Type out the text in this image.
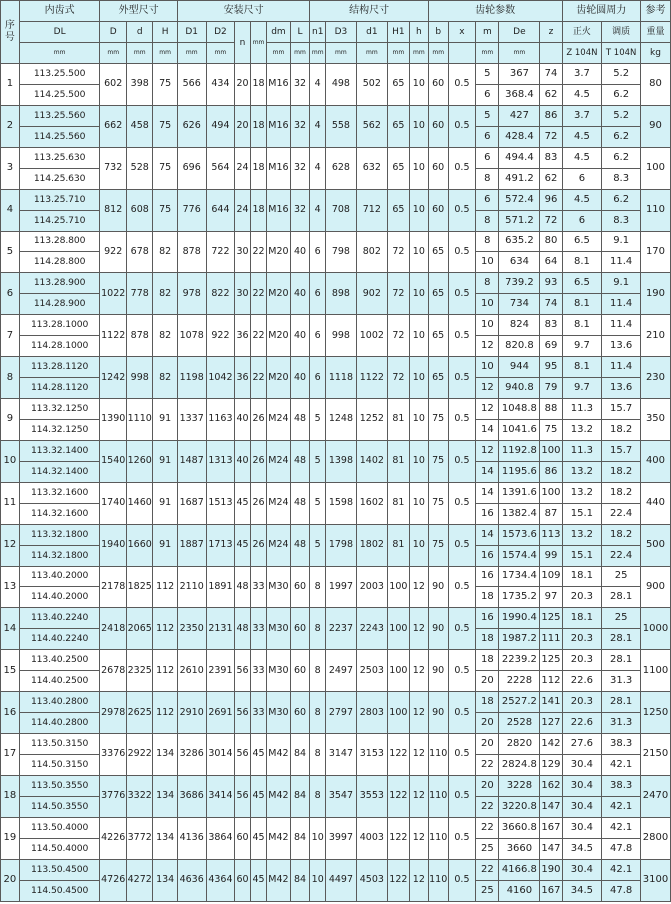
序号	内齿式	外型尺寸			安装尺寸						结构尺寸					齿轮参数					齿轮圆周力		参考
	DL	D	d	H	D1	D2	n	mm	dm	L	n1	D3	d1	H1	h	b	x	m	De	z	正火	调质	重量
	mm	mm	mm	mm	mm	mm			mm	mm	mm	mm	mm	mm	mm	mm		mm	mm		Z 104N	T 104N	kg
1	113.25.500	602	398	75	566	434	20	18	M16	32	4	498	502	65	10	60	0.5	5	367	74	3.7	5.2	80
	114.25.500																	6	368.4	62	4.5	6.2	
2	113.25.560	662	458	75	626	494	20	18	M16	32	4	558	562	65	10	60	0.5	5	427	86	3.7	5.2	90
	114.25.560																	6	428.4	72	4.5	6.2	
3	113.25.630	732	528	75	696	564	24	18	M16	32	4	628	632	65	10	60	0.5	6	494.4	83	4.5	6.2	100
	114.25.630																	8	491.2	62	6	8.3	
4	113.25.710	812	608	75	776	644	24	18	M16	32	4	708	712	65	10	60	0.5	6	572.4	96	4.5	6.2	110
	114.25.710																	8	571.2	72	6	8.3	
5	113.28.800	922	678	82	878	722	30	22	M20	40	6	798	802	72	10	65	0.5	8	635.2	80	6.5	9.1	170
	114.28.800																	10	634	64	8.1	11.4	
6	113.28.900	1022	778	82	978	822	30	22	M20	40	6	898	902	72	10	65	0.5	8	739.2	93	6.5	9.1	190
	114.28.900																	10	734	74	8.1	11.4	
7	113.28.1000	1122	878	82	1078	922	36	22	M20	40	6	998	1002	72	10	65	0.5	10	824	83	8.1	11.4	210
	114.28.1000																	12	820.8	69	9.7	13.6	
8	113.28.1120	1242	998	82	1198	1042	36	22	M20	40	6	1118	1122	72	10	65	0.5	10	944	95	8.1	11.4	230
	114.28.1120																	12	940.8	79	9.7	13.6	
9	113.32.1250	1390	1110	91	1337	1163	40	26	M24	48	5	1248	1252	81	10	75	0.5	12	1048.8	88	11.3	15.7	350
	114.32.1250																	14	1041.6	75	13.2	18.2	
10	113.32.1400	1540	1260	91	1487	1313	40	26	M24	48	5	1398	1402	81	10	75	0.5	12	1192.8	100	11.3	15.7	400
	114.32.1400																	14	1195.6	86	13.2	18.2	
11	113.32.1600	1740	1460	91	1687	1513	45	26	M24	48	5	1598	1602	81	10	75	0.5	14	1391.6	100	13.2	18.2	440
	114.32.1600																	16	1382.4	87	15.1	22.4	
12	113.32.1800	1940	1660	91	1887	1713	45	26	M24	48	5	1798	1802	81	10	75	0.5	14	1573.6	113	13.2	18.2	500
	114.32.1800																	16	1574.4	99	15.1	22.4	
13	113.40.2000	2178	1825	112	2110	1891	48	33	M30	60	8	1997	2003	100	12	90	0.5	16	1734.4	109	18.1	25	900
	114.40.2000																	18	1735.2	97	20.3	28.1	
14	113.40.2240	2418	2065	112	2350	2131	48	33	M30	60	8	2237	2243	100	12	90	0.5	16	1990.4	125	18.1	25	1000
	114.40.2240																	18	1987.2	111	20.3	28.1	
15	113.40.2500	2678	2325	112	2610	2391	56	33	M30	60	8	2497	2503	100	12	90	0.5	18	2239.2	125	20.3	28.1	1100
	114.40.2500																	20	2228	112	22.6	31.3	
16	113.40.2800	2978	2625	112	2910	2691	56	33	M30	60	8	2797	2803	100	12	90	0.5	18	2527.2	141	20.3	28.1	1250
	114.40.2800																	20	2528	127	22.6	31.3	
17	113.50.3150	3376	2922	134	3286	3014	56	45	M42	84	8	3147	3153	122	12	110	0.5	20	2820	142	27.6	38.3	2150
	114.50.3150																	22	2824.8	129	30.4	42.1	
18	113.50.3550	3776	3322	134	3686	3414	56	45	M42	84	8	3547	3553	122	12	110	0.5	20	3228	162	30.4	38.3	2470
	114.50.3550																	22	3220.8	147	30.4	42.1	
19	113.50.4000	4226	3772	134	4136	3864	60	45	M42	84	10	3997	4003	122	12	110	0.5	22	3660.8	167	30.4	42.1	2800
	114.50.4000																	25	3660	147	34.5	47.8	
20	113.50.4500	4726	4272	134	4636	4364	60	45	M42	84	10	4497	4503	122	12	110	0.5	22	4166.8	190	30.4	42.1	3100
	114.50.4500																	25	4160	167	34.5	47.8	
